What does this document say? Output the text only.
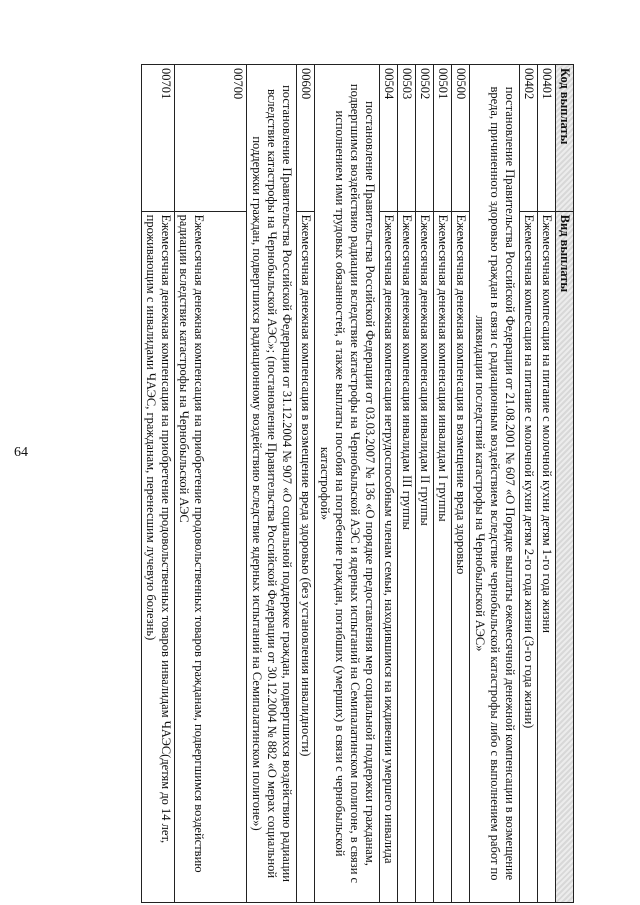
64
Код выплаты	Вид выплаты
00401	Ежемесячная компесация на питание с молочной кухни детям 1-го года жизни
00402	Ежемесячная компесация на питание с молочной кухни детям 2-го года жизни (3-го года жизни)
постановление Правительства Российской Федерации от 21.08.2001 № 607 «О Порядке выплаты ежемесячной денежной компенсации в возмещение вреда, причиненного здоровью граждан в связи с радиационным воздействием вследствие чернобыльской катастрофы либо с выполнением работ по ликвидации последствий катастрофы на Чернобыльской АЭС»	
00500	Ежемесячная денежная компенсация в возмещение вреда здоровью
00501	Ежемесячная денежная компенсация инвалидам I группы
00502	Ежемесячная денежная компенсация инвалидам II группы
00503	Ежемесячная денежная компенсация инвалидам III группы
00504	Ежемесячная денежная компенсация нетрудоспособным членам семьи, находившимся на иждивении умершего инвалида
постановление Правительства Российской Федерации от 03.03.2007 № 136 «О порядке предоставления мер социальной поддержки гражданам, подвергшимся воздействию радиации вследствие катастрофы на Чернобыльской АЭС и ядерных испытаний на Семипалатинском полигоне, в связи с исполнением ими трудовых обязанностей, а также выплаты пособия на погребение граждан, погибших (умерших) в связи с чернобыльской катастрофой»	
00600	Ежемесячная денежная компенсация в возмещение вреда здоровью (без установления инвалидности)
постановление Правительства Российской Федерации от 31.12.2004 № 907 «О социальной поддержке граждан, подвергшихся воздействию радиации вследствие катастрофы на Чернобыльской АЭС»; (постановление Правительства Российской Федерации от 30.12.2004 № 882 «О мерах социальной поддержки граждан, подвергшихся радиационному воздействию вследствие ядерных испытаний на Семипалатинском полигоне»)	
00700	Ежемесячная денежная компенсация на приобретение продовольственных товаров гражданам, подвергшимся воздействию радиации вследствие катастрофы на Чернобыльской АЭС
00701	Ежемесячная денежная компенсация на приобретение продовольственных товаров инвалидам ЧАЭС(детям до 14 лет, проживающим с инвалидами ЧАЭС, гражданам, перенесшим лучевую болезнь)
